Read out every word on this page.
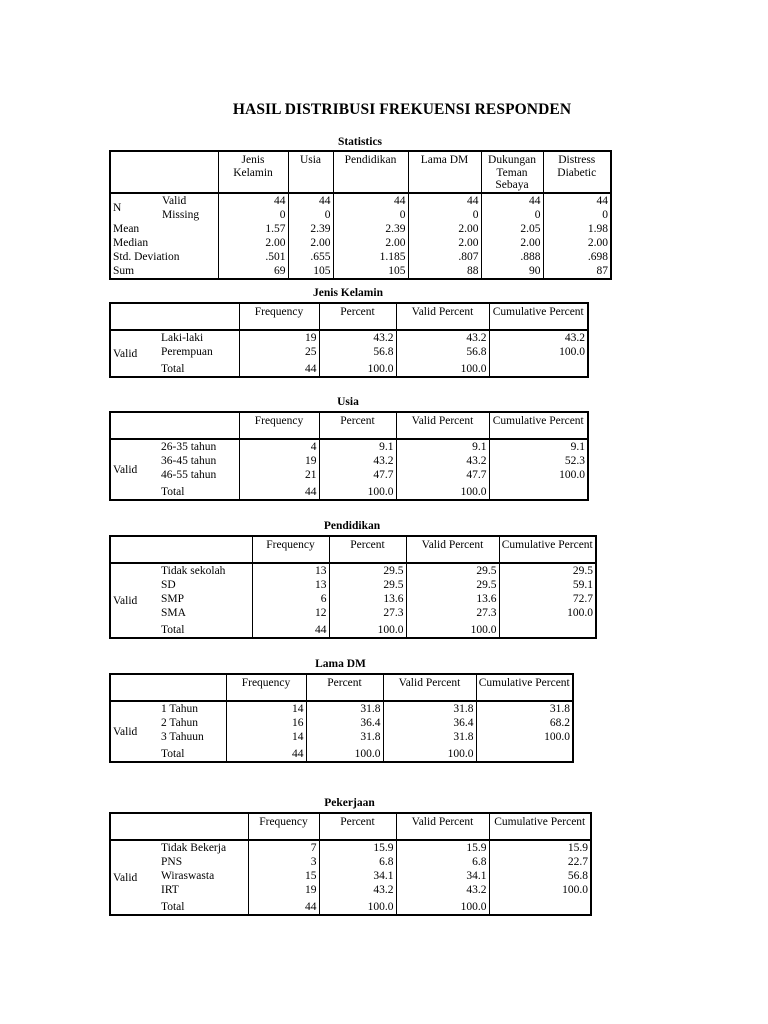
HASIL DISTRIBUSI FREKUENSI RESPONDEN
Statistics
		Jenis Kelamin	Usia	Pendidikan	Lama DM	Dukungan Teman Sebaya	Distress Diabetic
N	Valid	44	44	44	44	44	44
	Missing	0	0	0	0	0	0
Mean		1.57	2.39	2.39	2.00	2.05	1.98
Median		2.00	2.00	2.00	2.00	2.00	2.00
Std. Deviation		.501	.655	1.185	.807	.888	.698
Sum		69	105	105	88	90	87
Jenis Kelamin
		Frequency	Percent	Valid Percent	Cumulative Percent
Valid	Laki-laki	19	43.2	43.2	43.2
	Perempuan	25	56.8	56.8	100.0
	Total	44	100.0	100.0	
Usia
		Frequency	Percent	Valid Percent	Cumulative Percent
Valid	26-35 tahun	4	9.1	9.1	9.1
	36-45 tahun	19	43.2	43.2	52.3
	46-55 tahun	21	47.7	47.7	100.0
	Total	44	100.0	100.0	
Pendidikan
		Frequency	Percent	Valid Percent	Cumulative Percent
Valid	Tidak sekolah	13	29.5	29.5	29.5
	SD	13	29.5	29.5	59.1
	SMP	6	13.6	13.6	72.7
	SMA	12	27.3	27.3	100.0
	Total	44	100.0	100.0	
Lama DM
		Frequency	Percent	Valid Percent	Cumulative Percent
Valid	1 Tahun	14	31.8	31.8	31.8
	2 Tahun	16	36.4	36.4	68.2
	3 Tahuun	14	31.8	31.8	100.0
	Total	44	100.0	100.0	
Pekerjaan
		Frequency	Percent	Valid Percent	Cumulative Percent
Valid	Tidak Bekerja	7	15.9	15.9	15.9
	PNS	3	6.8	6.8	22.7
	Wiraswasta	15	34.1	34.1	56.8
	IRT	19	43.2	43.2	100.0
	Total	44	100.0	100.0	
